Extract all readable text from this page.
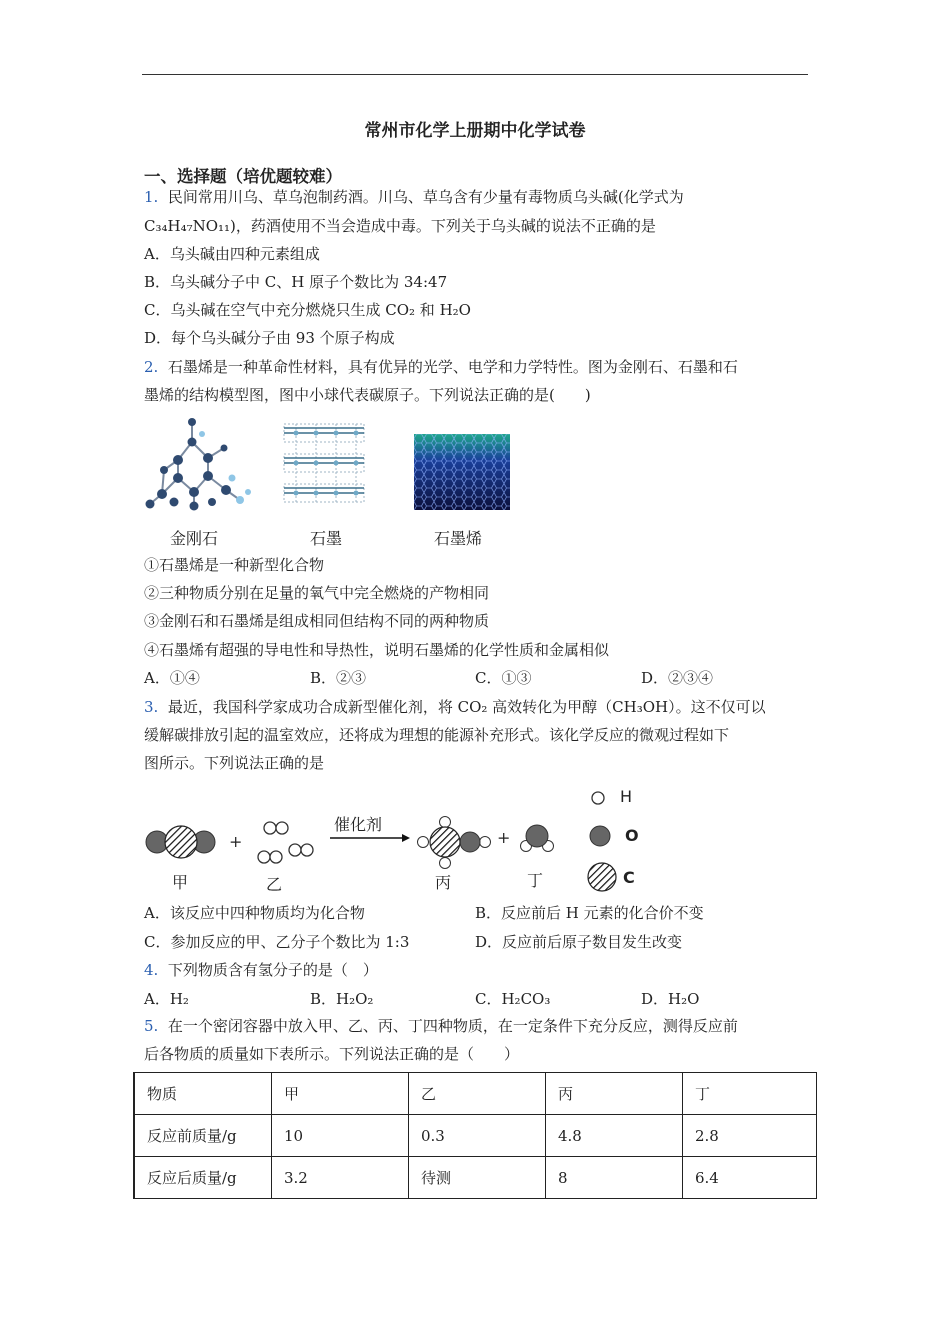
常州市化学上册期中化学试卷
一、选择题（培优题较难）
1. 民间常用川乌、草乌泡制药酒。川乌、草乌含有少量有毒物质乌头碱(化学式为
C₃₄H₄₇NO₁₁)，药酒使用不当会造成中毒。下列关于乌头碱的说法不正确的是
A．乌头碱由四种元素组成
B．乌头碱分子中 C、H 原子个数比为 34:47
C．乌头碱在空气中充分燃烧只生成 CO₂ 和 H₂O
D．每个乌头碱分子由 93 个原子构成
2. 石墨烯是一种革命性材料，具有优异的光学、电学和力学特性。图为金刚石、石墨和石
墨烯的结构模型图，图中小球代表碳原子。下列说法正确的是(　　)
金刚石	石墨	石墨烯
①石墨烯是一种新型化合物
②三种物质分别在足量的氧气中完全燃烧的产物相同
③金刚石和石墨烯是组成相同但结构不同的两种物质
④石墨烯有超强的导电性和导热性，说明石墨烯的化学性质和金属相似
A．①④	B．②③	C．①③	D．②③④
3. 最近，我国科学家成功合成新型催化剂，将 CO₂ 高效转化为甲醇（CH₃OH）。这不仅可以
缓解碳排放引起的温室效应，还将成为理想的能源补充形式。该化学反应的微观过程如下
图所示。下列说法正确的是
催化剂
+	+
甲	乙	丙	丁
H
O
C
A．该反应中四种物质均为化合物	B．反应前后 H 元素的化合价不变
C．参加反应的甲、乙分子个数比为 1:3	D．反应前后原子数目发生改变
4. 下列物质含有氢分子的是（　）
A．H₂	B．H₂O₂	C．H₂CO₃	D．H₂O
5. 在一个密闭容器中放入甲、乙、丙、丁四种物质，在一定条件下充分反应，测得反应前
后各物质的质量如下表所示。下列说法正确的是（　　）
物质	甲	乙	丙	丁
反应前质量/g	10	0.3	4.8	2.8
反应后质量/g	3.2	待测	8	6.4
